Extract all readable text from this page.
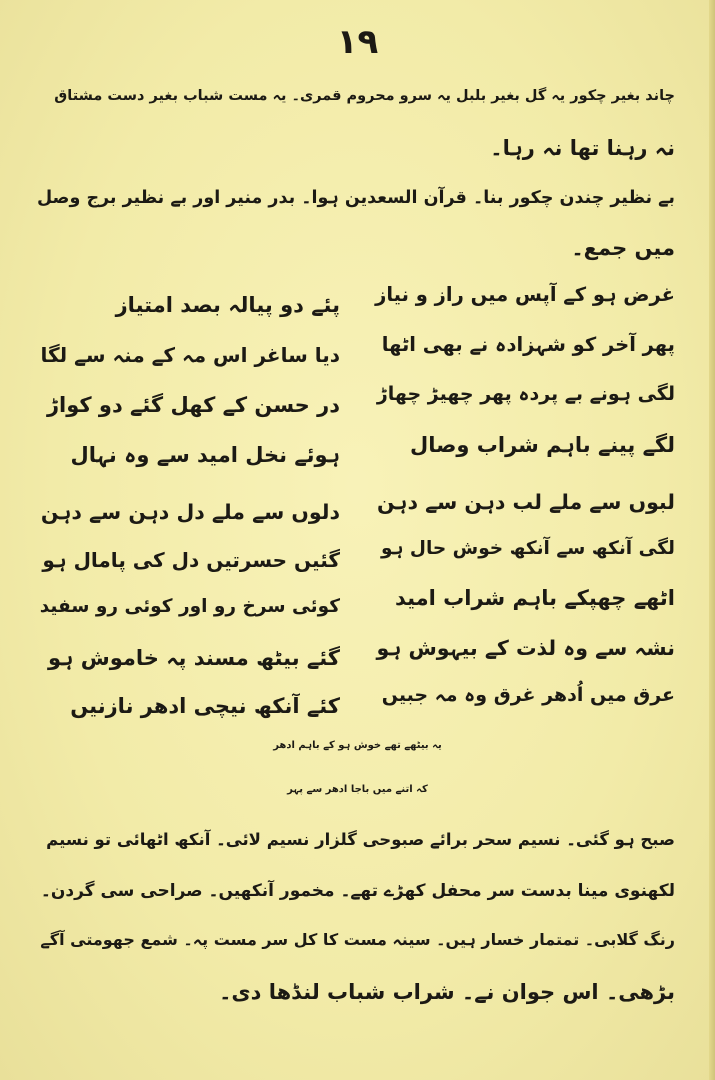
۱۹
چاند بغیر چکور یہ گل بغیر بلبل یہ سرو محروم قمری۔ یہ مست شباب بغیر دست مشتاق
نہ رہنا تھا نہ رہا۔
بے نظیر چندن چکور بنا۔ قرآن السعدین ہوا۔ بدر منیر اور بے نظیر برج وصل
میں جمع۔
غرض ہو کے آپس میں راز و نیاز
پئے دو پیالہ بصد امتیاز
پھر آخر کو شہزادہ نے بھی اٹھا
دیا ساغر اس مہ کے منہ سے لگا
لگی ہونے بے پردہ پھر چھیڑ چھاڑ
در حسن کے کھل گئے دو کواڑ
لگے پینے باہم شراب وصال
ہوئے نخل امید سے وہ نہال
لبوں سے ملے لب دہن سے دہن
دلوں سے ملے دل دہن سے دہن
لگی آنکھ سے آنکھ خوش حال ہو
گئیں حسرتیں دل کی پامال ہو
اٹھے چھپکے باہم شراب امید
کوئی سرخ رو اور کوئی رو سفید
نشہ سے وہ لذت کے بیہوش ہو
گئے بیٹھ مسند پہ خاموش ہو
عرق میں اُدھر غرق وہ مہ جبیں
کئے آنکھ نیچی ادھر نازنیں
یہ بیٹھے تھے خوش ہو کے باہم ادھر
کہ اتنے میں باجا ادھر سے پہر
صبح ہو گئی۔ نسیم سحر برائے صبوحی گلزار نسیم لائی۔ آنکھ اٹھائی تو نسیم
لکھنوی مینا بدست سر محفل کھڑے تھے۔ مخمور آنکھیں۔ صراحی سی گردن۔
رنگ گلابی۔ تمتمار خسار ہیں۔ سینہ مست کا کل سر مست پہ۔ شمع جھومتی آگے
بڑھی۔ اس جوان نے۔ شراب شباب لنڈھا دی۔
